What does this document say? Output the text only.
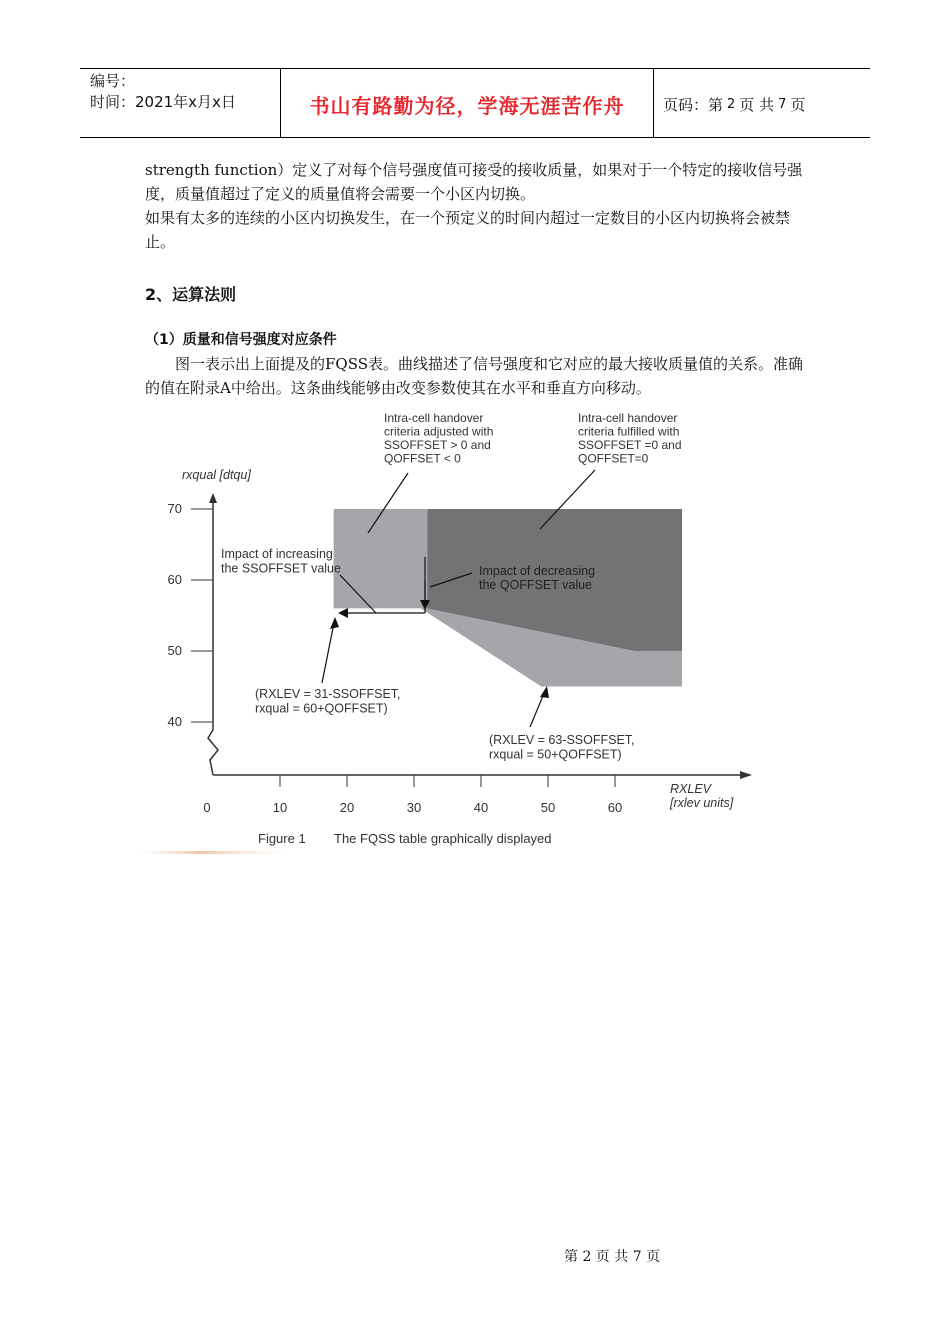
编号：
时间：2021年x月x日	书山有路勤为径，学海无涯苦作舟	页码：第 2 页 共 7 页

strength function）定义了对每个信号强度值可接受的接收质量，如果对于一个特定的接收信号强度，质量值超过了定义的质量值将会需要一个小区内切换。

如果有太多的连续的小区内切换发生，在一个预定义的时间内超过一定数目的小区内切换将会被禁止。

2、运算法则
（1）质量和信号强度对应条件

图一表示出上面提及的FQSS表。曲线描述了信号强度和它对应的最大接收质量值的关系。准确的值在附录A中给出。这条曲线能够由改变参数使其在水平和垂直方向移动。

40
50
60
70
0	10	20	30	40	50	60
rxqual [dtqu]
RXLEV
[rxlev units]
Intra-cell handover
criteria adjusted with
SSOFFSET > 0 and
QOFFSET < 0
Intra-cell handover
criteria fulfilled with
SSOFFSET =0 and
QOFFSET=0
Impact of increasing
the SSOFFSET value	Impact of decreasing
the QOFFSET value
(RXLEV = 31-SSOFFSET,
rxqual = 60+QOFFSET)
(RXLEV = 63-SSOFFSET,
rxqual = 50+QOFFSET)
Figure 1 The FQSS table graphically displayed
第 2 页 共 7 页
